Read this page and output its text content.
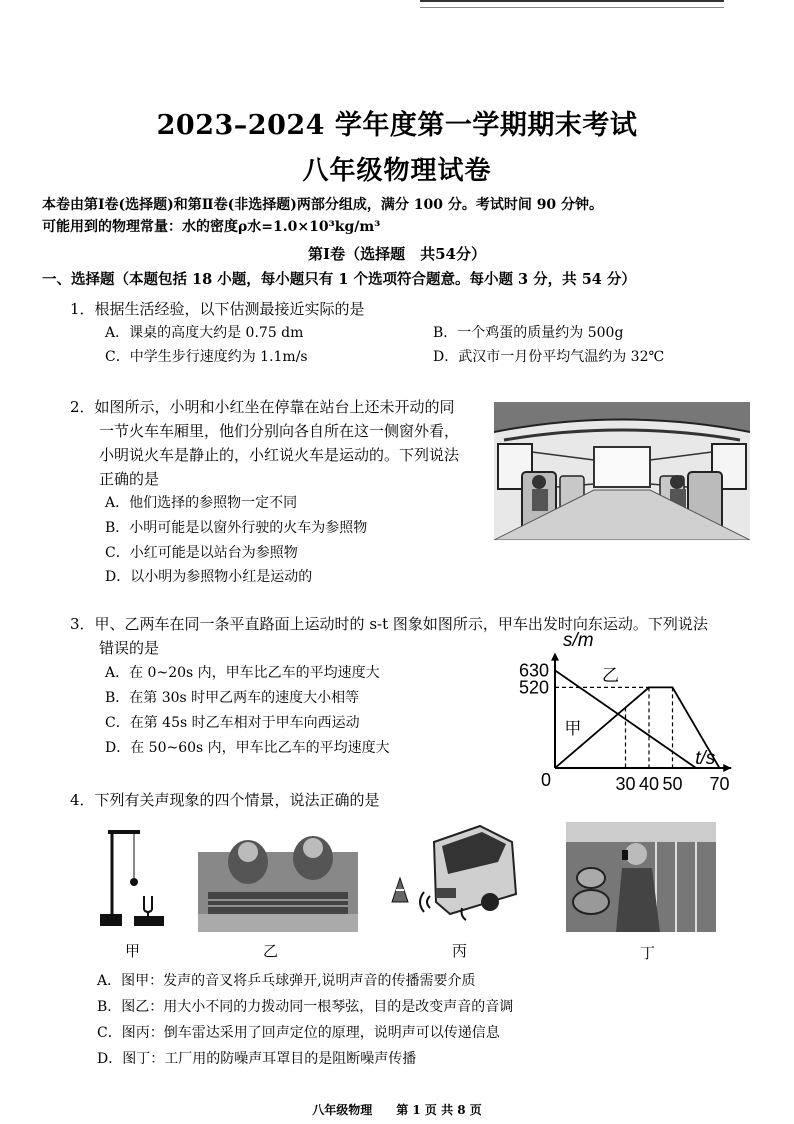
2023–2024 学年度第一学期期末考试
八年级物理试卷
本卷由第Ⅰ卷(选择题)和第Ⅱ卷(非选择题)两部分组成，满分 100 分。考试时间 90 分钟。
可能用到的物理常量：水的密度ρ水=1.0×10³kg/m³
第Ⅰ卷（选择题　共54分）
一、选择题（本题包括 18 小题，每小题只有 1 个选项符合题意。每小题 3 分，共 54 分）
1．根据生活经验，以下估测最接近实际的是
A．课桌的高度大约是 0.75 dm	B．一个鸡蛋的质量约为 500g
C．中学生步行速度约为 1.1m/s	D．武汉市一月份平均气温约为 32℃
2．如图所示，小明和小红坐在停靠在站台上还未开动的同
一节火车车厢里，他们分别向各自所在这一侧窗外看，
小明说火车是静止的，小红说火车是运动的。下列说法
正确的是
A．他们选择的参照物一定不同
B．小明可能是以窗外行驶的火车为参照物
C．小红可能是以站台为参照物
D．以小明为参照物小红是运动的
3．甲、乙两车在同一条平直路面上运动时的 s-t 图象如图所示，甲车出发时向东运动。下列说法
错误的是
A．在 0~20s 内，甲车比乙车的平均速度大
B．在第 30s 时甲乙两车的速度大小相等
C．在第 45s 时乙车相对于甲车向西运动
D．在 50~60s 内，甲车比乙车的平均速度大
s/m
t/s
0
520
630
30 40 50 70
甲
乙
4．下列有关声现象的四个情景，说法正确的是
甲	乙	丙	丁
A．图甲：发声的音叉将乒乓球弹开,说明声音的传播需要介质
B．图乙：用大小不同的力拨动同一根琴弦，目的是改变声音的音调
C．图丙：倒车雷达采用了回声定位的原理，说明声可以传递信息
D．图丁：工厂用的防噪声耳罩目的是阻断噪声传播
八年级物理　　第 1 页 共 8 页
